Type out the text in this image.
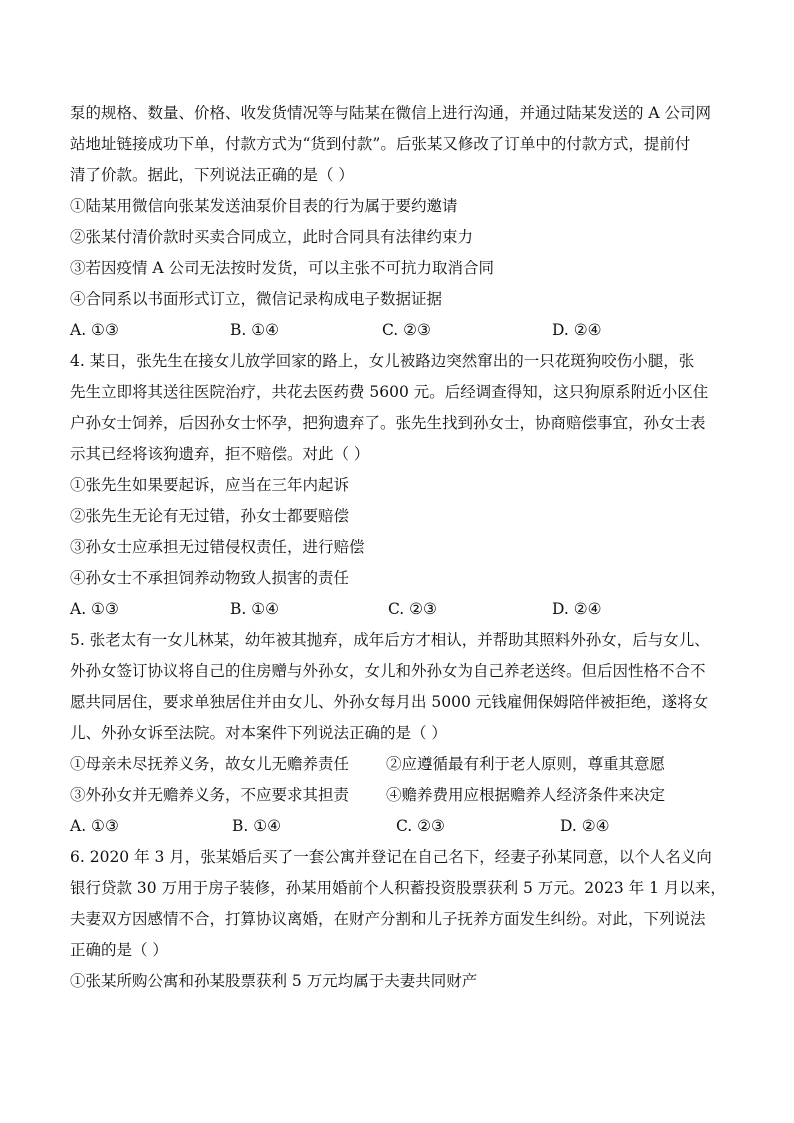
泵的规格、数量、价格、收发货情况等与陆某在微信上进行沟通，并通过陆某发送的 A 公司网
站地址链接成功下单，付款方式为“货到付款”。后张某又修改了订单中的付款方式，提前付
清了价款。据此，下列说法正确的是（ ）
①陆某用微信向张某发送油泵价目表的行为属于要约邀请
②张某付清价款时买卖合同成立，此时合同具有法律约束力
③若因疫情 A 公司无法按时发货，可以主张不可抗力取消合同
④合同系以书面形式订立，微信记录构成电子数据证据
A. ①③	B. ①④	C. ②③	D. ②④
4. 某日，张先生在接女儿放学回家的路上，女儿被路边突然窜出的一只花斑狗咬伤小腿，张
先生立即将其送往医院治疗，共花去医药费 5600 元。后经调查得知，这只狗原系附近小区住
户孙女士饲养，后因孙女士怀孕，把狗遗弃了。张先生找到孙女士，协商赔偿事宜，孙女士表
示其已经将该狗遗弃，拒不赔偿。对此（ ）
①张先生如果要起诉，应当在三年内起诉
②张先生无论有无过错，孙女士都要赔偿
③孙女士应承担无过错侵权责任，进行赔偿
④孙女士不承担饲养动物致人损害的责任
A. ①③	B. ①④	C. ②③	D. ②④
5. 张老太有一女儿林某，幼年被其抛弃，成年后方才相认，并帮助其照料外孙女，后与女儿、
外孙女签订协议将自己的住房赠与外孙女，女儿和外孙女为自己养老送终。但后因性格不合不
愿共同居住，要求单独居住并由女儿、外孙女每月出 5000 元钱雇佣保姆陪伴被拒绝，遂将女
儿、外孙女诉至法院。对本案件下列说法正确的是（ ）
①母亲未尽抚养义务，故女儿无赡养责任 ②应遵循最有利于老人原则，尊重其意愿
③外孙女并无赡养义务，不应要求其担责 ④赡养费用应根据赡养人经济条件来决定
A. ①③	B. ①④	C. ②③	D. ②④
6. 2020 年 3 月，张某婚后买了一套公寓并登记在自己名下，经妻子孙某同意，以个人名义向
银行贷款 30 万用于房子装修，孙某用婚前个人积蓄投资股票获利 5 万元。2023 年 1 月以来，
夫妻双方因感情不合，打算协议离婚，在财产分割和儿子抚养方面发生纠纷。对此，下列说法
正确的是（ ）
①张某所购公寓和孙某股票获利 5 万元均属于夫妻共同财产
